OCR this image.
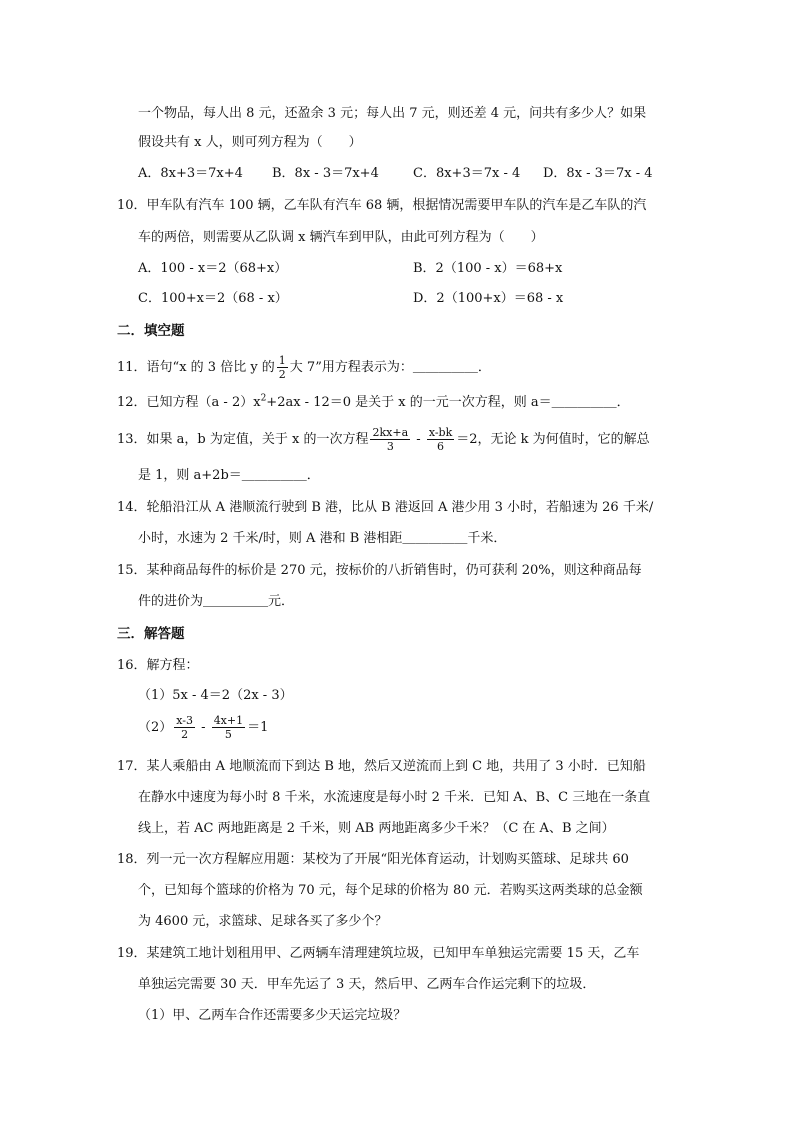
一个物品，每人出 8 元，还盈余 3 元；每人出 7 元，则还差 4 元，问共有多少人？如果
假设共有 x 人，则可列方程为（　　）
A．8x+3＝7x+4 B．8x - 3＝7x+4	C．8x+3＝7x - 4 D．8x - 3＝7x - 4
10．甲车队有汽车 100 辆，乙车队有汽车 68 辆，根据情况需要甲车队的汽车是乙车队的汽
车的两倍，则需要从乙队调 x 辆汽车到甲队，由此可列方程为（　　）
A．100 - x＝2（68+x）	B．2（100 - x）＝68+x
C．100+x＝2（68 - x）	D．2（100+x）＝68 - x
二．填空题
11．语句“x 的 3 倍比 y 的 $\frac{1}{2}$ 大 7”用方程表示为：＿＿＿＿＿．
12．已知方程$(a - 2)x^2+2ax - 12=0$ 是关于 x 的一元一次方程，则 a＝＿＿＿＿＿．
13．如果 a，b 为定值，关于 x 的一次方程 $\frac{2kx+a}{3} - \frac{x-bk}{6} =2$，无论 k 为何值时，它的解总
是 1，则 a+2b＝＿＿＿＿＿．
14．轮船沿江从 A 港顺流行驶到 B 港，比从 B 港返回 A 港少用 3 小时，若船速为 26 千米/
小时，水速为 2 千米/时，则 A 港和 B 港相距＿＿＿＿＿千米．
15．某种商品每件的标价是 270 元，按标价的八折销售时，仍可获利 20%，则这种商品每
件的进价为＿＿＿＿＿元．
三．解答题
16．解方程：
（1）5x - 4＝2（2x - 3）
$(2) \frac{x-3}{2} - \frac{4x+1}{5} =1$
17．某人乘船由 A 地顺流而下到达 B 地，然后又逆流而上到 C 地，共用了 3 小时．已知船
在静水中速度为每小时 8 千米，水流速度是每小时 2 千米．已知 A、B、C 三地在一条直
线上，若 AC 两地距离是 2 千米，则 AB 两地距离多少千米？（C 在 A、B 之间）
18．列一元一次方程解应用题：某校为了开展“阳光体育运动，计划购买篮球、足球共 60
个，已知每个篮球的价格为 70 元，每个足球的价格为 80 元．若购买这两类球的总金额
为 4600 元，求篮球、足球各买了多少个？
19．某建筑工地计划租用甲、乙两辆车清理建筑垃圾，已知甲车单独运完需要 15 天，乙车
单独运完需要 30 天．甲车先运了 3 天，然后甲、乙两车合作运完剩下的垃圾．
（1）甲、乙两车合作还需要多少天运完垃圾？
